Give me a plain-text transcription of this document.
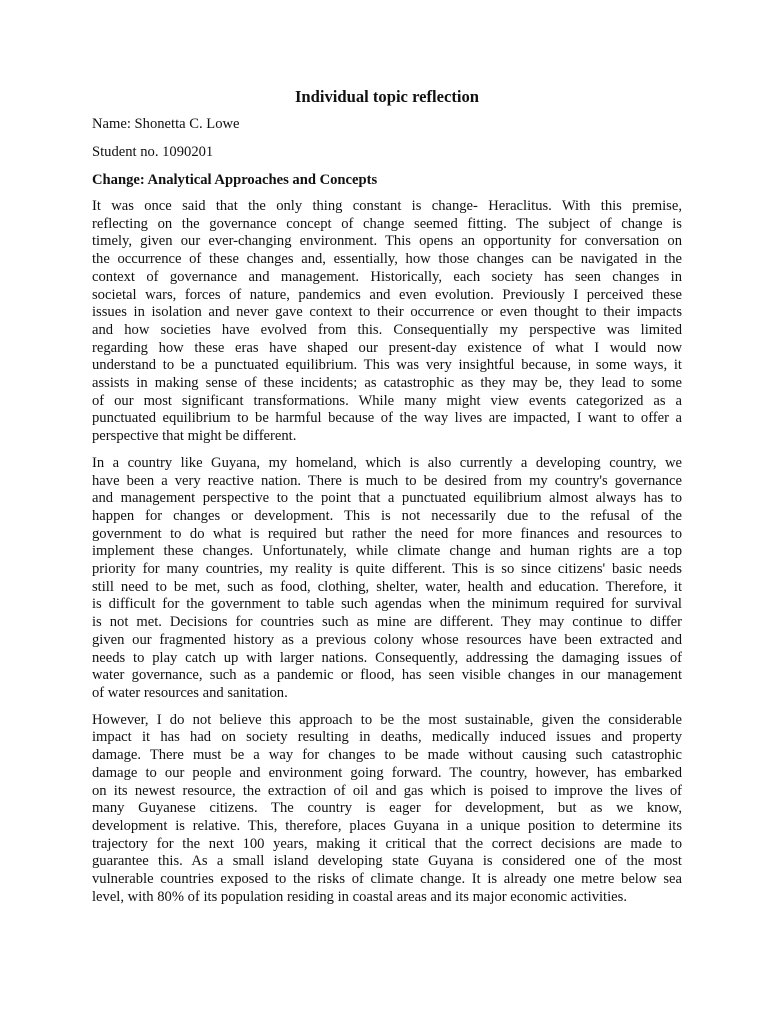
Individual topic reflection
Name: Shonetta C. Lowe
Student no. 1090201
Change: Analytical Approaches and Concepts
It was once said that the only thing constant is change- Heraclitus. With this premise,
reflecting on the governance concept of change seemed fitting. The subject of change is
timely, given our ever-changing environment. This opens an opportunity for conversation on
the occurrence of these changes and, essentially, how those changes can be navigated in the
context of governance and management. Historically, each society has seen changes in
societal wars, forces of nature, pandemics and even evolution. Previously I perceived these
issues in isolation and never gave context to their occurrence or even thought to their impacts
and how societies have evolved from this. Consequentially my perspective was limited
regarding how these eras have shaped our present-day existence of what I would now
understand to be a punctuated equilibrium. This was very insightful because, in some ways, it
assists in making sense of these incidents; as catastrophic as they may be, they lead to some
of our most significant transformations. While many might view events categorized as a
punctuated equilibrium to be harmful because of the way lives are impacted, I want to offer a
perspective that might be different.
In a country like Guyana, my homeland, which is also currently a developing country, we
have been a very reactive nation. There is much to be desired from my country's governance
and management perspective to the point that a punctuated equilibrium almost always has to
happen for changes or development. This is not necessarily due to the refusal of the
government to do what is required but rather the need for more finances and resources to
implement these changes. Unfortunately, while climate change and human rights are a top
priority for many countries, my reality is quite different. This is so since citizens' basic needs
still need to be met, such as food, clothing, shelter, water, health and education. Therefore, it
is difficult for the government to table such agendas when the minimum required for survival
is not met. Decisions for countries such as mine are different. They may continue to differ
given our fragmented history as a previous colony whose resources have been extracted and
needs to play catch up with larger nations. Consequently, addressing the damaging issues of
water governance, such as a pandemic or flood, has seen visible changes in our management
of water resources and sanitation.
However, I do not believe this approach to be the most sustainable, given the considerable
impact it has had on society resulting in deaths, medically induced issues and property
damage. There must be a way for changes to be made without causing such catastrophic
damage to our people and environment going forward. The country, however, has embarked
on its newest resource, the extraction of oil and gas which is poised to improve the lives of
many Guyanese citizens. The country is eager for development, but as we know,
development is relative. This, therefore, places Guyana in a unique position to determine its
trajectory for the next 100 years, making it critical that the correct decisions are made to
guarantee this. As a small island developing state Guyana is considered one of the most
vulnerable countries exposed to the risks of climate change. It is already one metre below sea
level, with 80% of its population residing in coastal areas and its major economic activities.
